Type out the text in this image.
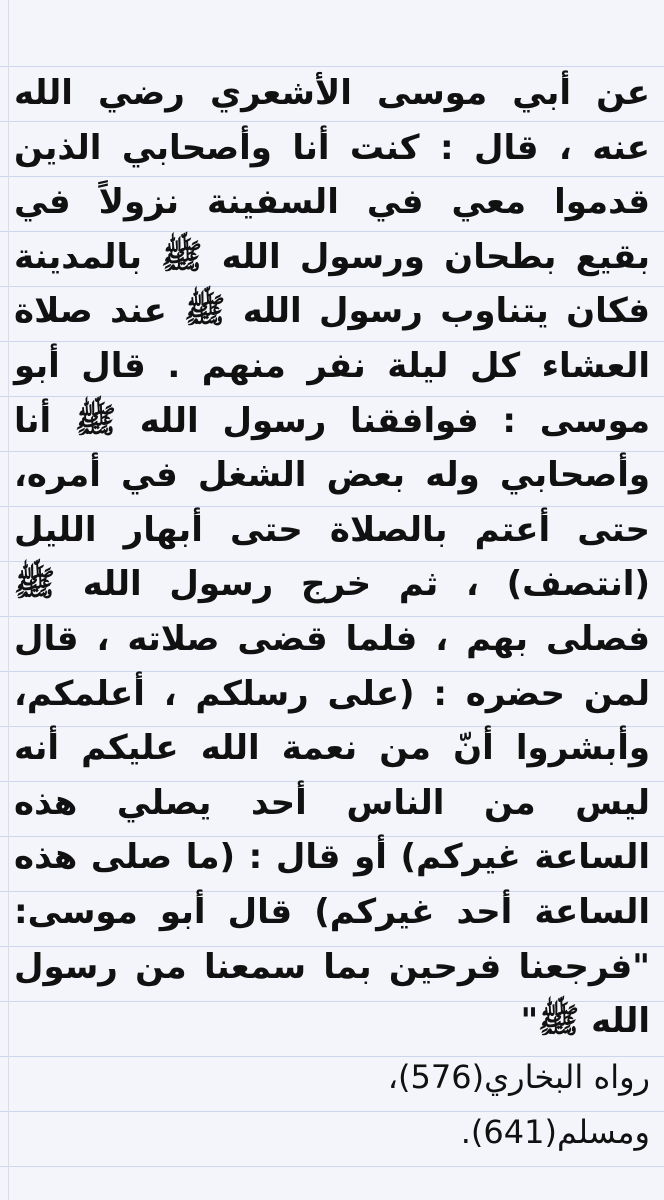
عن أبي موسى الأشعري رضي الله
عنه ، قال : كنت أنا وأصحابي الذين
قدموا معي في السفينة نزولاً في
بقيع بطحان ورسول الله ﷺ بالمدينة
فكان يتناوب رسول الله ﷺ عند صلاة
العشاء كل ليلة نفر منهم . قال أبو
موسى : فوافقنا رسول الله ﷺ أنا
وأصحابي وله بعض الشغل في أمره،
حتى أعتم بالصلاة حتى أبهار الليل
(انتصف) ، ثم خرج رسول الله ﷺ
فصلى بهم ، فلما قضى صلاته ، قال
لمن حضره : (على رسلكم ، أعلمكم،
وأبشروا أنّ من نعمة الله عليكم أنه
ليس من الناس أحد يصلي هذه
الساعة غيركم) أو قال : (ما صلى هذه
الساعة أحد غيركم) قال أبو موسى:
"فرجعنا فرحين بما سمعنا من رسول
الله ﷺ"
رواه البخاري(576)،
ومسلم(641).
